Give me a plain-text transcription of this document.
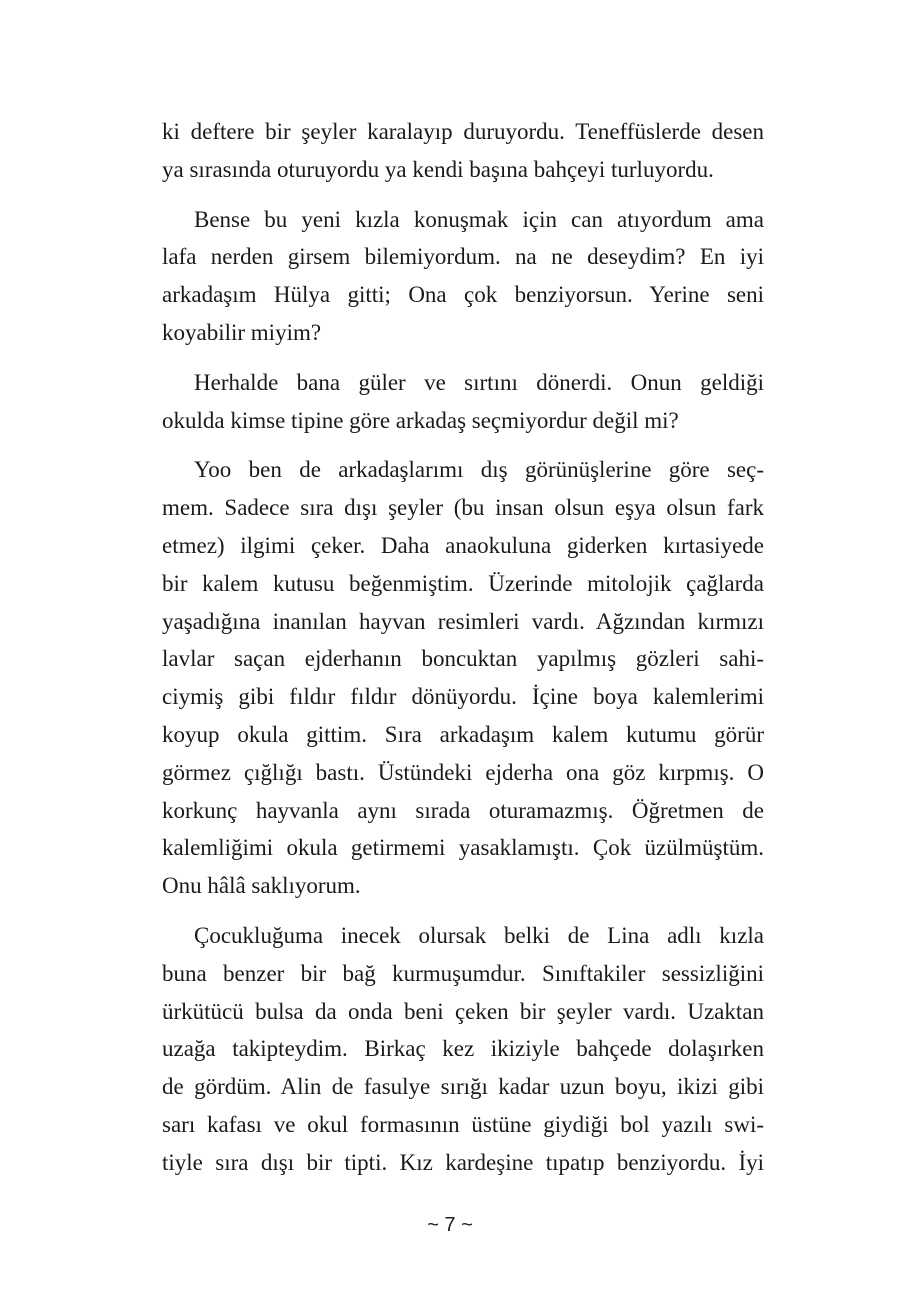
ki deftere bir şeyler karalayıp duruyordu. Teneffüslerde desen
ya sırasında oturuyordu ya kendi başına bahçeyi turluyordu.

Bense bu yeni kızla konuşmak için can atıyordum ama
lafa nerden girsem bilemiyordum. na ne deseydim? En iyi
arkadaşım Hülya gitti; Ona çok benziyorsun. Yerine seni
koyabilir miyim?

Herhalde bana güler ve sırtını dönerdi. Onun geldiği
okulda kimse tipine göre arkadaş seçmiyordur değil mi?

Yoo ben de arkadaşlarımı dış görünüşlerine göre seç-
mem. Sadece sıra dışı şeyler (bu insan olsun eşya olsun fark
etmez) ilgimi çeker. Daha anaokuluna giderken kırtasiyede
bir kalem kutusu beğenmiştim. Üzerinde mitolojik çağlarda
yaşadığına inanılan hayvan resimleri vardı. Ağzından kırmızı
lavlar saçan ejderhanın boncuktan yapılmış gözleri sahi-
ciymiş gibi fıldır fıldır dönüyordu. İçine boya kalemlerimi
koyup okula gittim. Sıra arkadaşım kalem kutumu görür
görmez çığlığı bastı. Üstündeki ejderha ona göz kırpmış. O
korkunç hayvanla aynı sırada oturamazmış. Öğretmen de
kalemliğimi okula getirmemi yasaklamıştı. Çok üzülmüştüm.
Onu hâlâ saklıyorum.

Çocukluğuma inecek olursak belki de Lina adlı kızla
buna benzer bir bağ kurmuşumdur. Sınıftakiler sessizliğini
ürkütücü bulsa da onda beni çeken bir şeyler vardı. Uzaktan
uzağa takipteydim. Birkaç kez ikiziyle bahçede dolaşırken
de gördüm. Alin de fasulye sırığı kadar uzun boyu, ikizi gibi
sarı kafası ve okul formasının üstüne giydiği bol yazılı swi-
tiyle sıra dışı bir tipti. Kız kardeşine tıpatıp benziyordu. İyi

~ 7 ~
